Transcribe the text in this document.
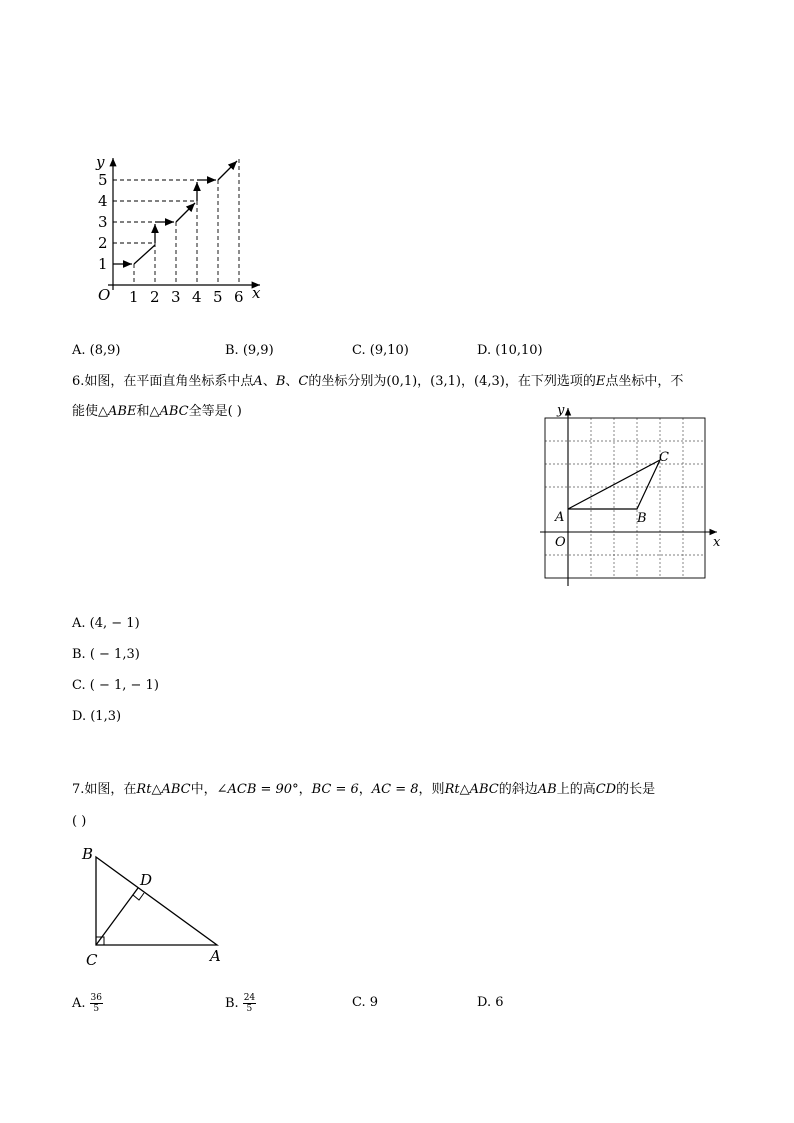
y
x
O 1 2 3 4 5 6
1
2
3
4
5
A. (8,9)	B. (9,9)	C. (9,10)	D. (10,10)
6.如图，在平面直角坐标系中点A、B、C的坐标分别为(0,1)，(3,1)，(4,3)，在下列选项的E点坐标中，不
能使△ABE和△ABC全等是( )	y
x
O
A	B
C
A. (4, − 1)
B. ( − 1,3)
C. ( − 1, − 1)
D. (1,3)
7.如图，在Rt△ABC中，∠ACB = 90°，BC = 6，AC = 8，则Rt△ABC的斜边AB上的高CD的长是
( )
B
C
D
A
A. $\frac{36}{5}$	B. $\frac{24}{5}$	C. 9	D. 6
